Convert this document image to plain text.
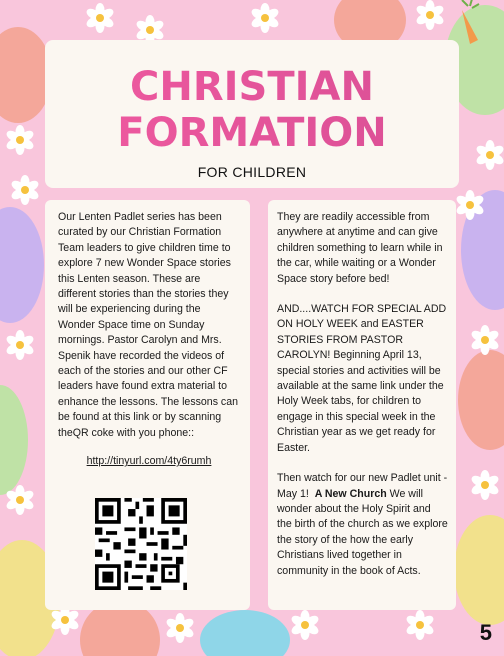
CHRISTIAN
FORMATION
FOR CHILDREN
Our Lenten Padlet series has been curated by our Christian Formation Team leaders to give children time to explore 7 new Wonder Space stories this Lenten season. These are different stories than the stories they will be experiencing during the Wonder Space time on Sunday mornings. Pastor Carolyn and Mrs. Spenik have recorded the videos of each of the stories and our other CF leaders have found extra material to enhance the lessons. The lessons can be found at this link or by scanning theQR coke with you phone::
http://tinyurl.com/4ty6rumh

They are readily accessible from anywhere at anytime and can give children something to learn while in the car, while waiting or a Wonder Space story before bed!

AND....WATCH FOR SPECIAL ADD ON HOLY WEEK and EASTER STORIES FROM PASTOR CAROLYN! Beginning April 13, special stories and activities will be available at the same link under the Holy Week tabs, for children to engage in this special week in the Christian year as we get ready for Easter.

Then watch for our new Padlet unit - May 1! A New Church We will wonder about the Holy Spirit and the birth of the church as we explore the story of the how the early Christians lived together in community in the book of Acts.

5
